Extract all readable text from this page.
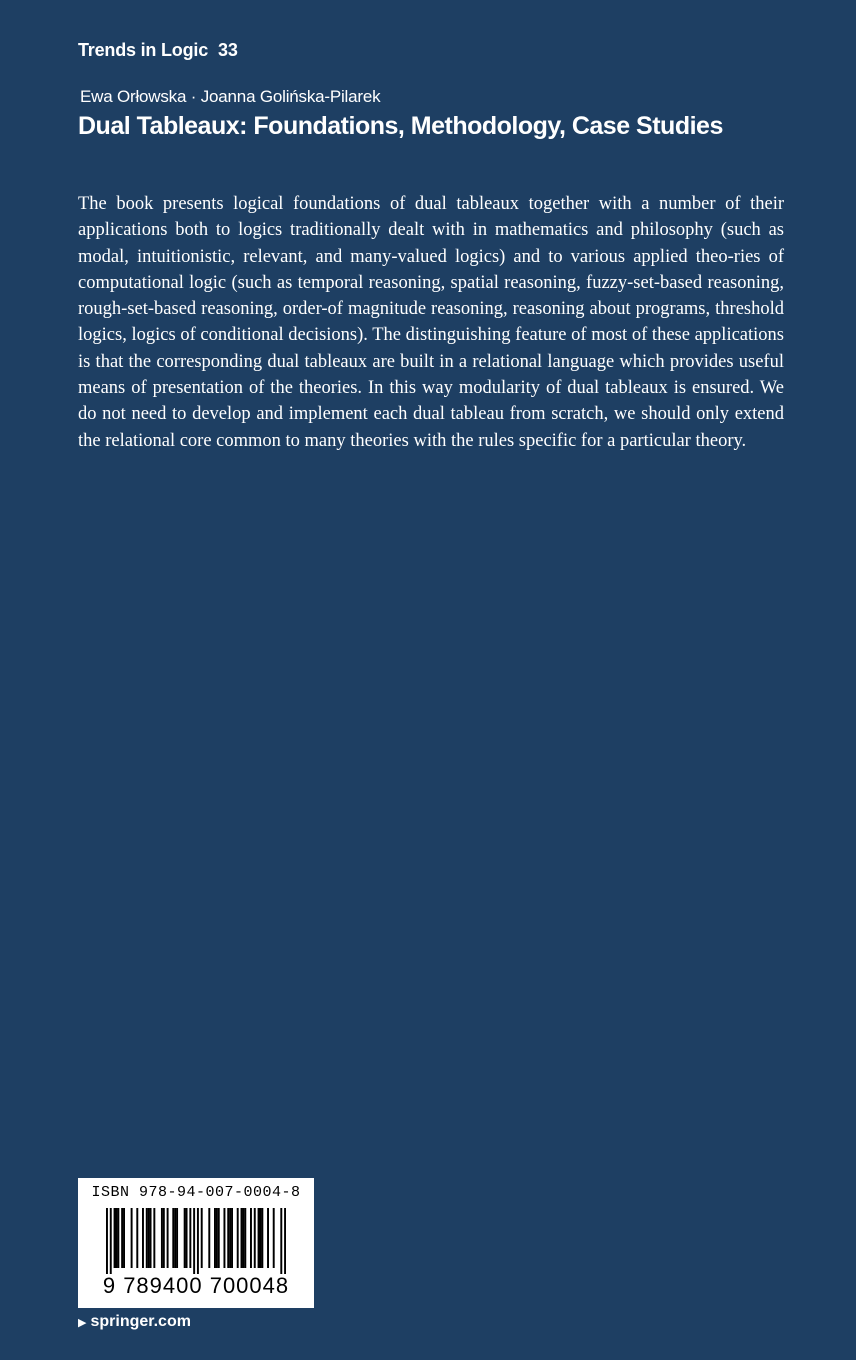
Trends in Logic 33
Ewa Orłowska · Joanna Golińska-Pilarek
Dual Tableaux: Foundations, Methodology, Case Studies

The book presents logical foundations of dual tableaux together with a number of their applications both to logics traditionally dealt with in mathematics and philosophy (such as modal, intuitionistic, relevant, and many-valued logics) and to various applied theo-ries of computational logic (such as temporal reasoning, spatial reasoning, fuzzy-set-based reasoning, rough-set-based reasoning, order-of magnitude reasoning, reasoning about programs, threshold logics, logics of conditional decisions). The distinguishing feature of most of these applications is that the corresponding dual tableaux are built in a relational language which provides useful means of presentation of the theories. In this way modularity of dual tableaux is ensured. We do not need to develop and implement each dual tableau from scratch, we should only extend the relational core common to many theories with the rules specific for a particular theory.

ISBN 978-94-007-0004-8
9 789400 700048
▶ springer.com
